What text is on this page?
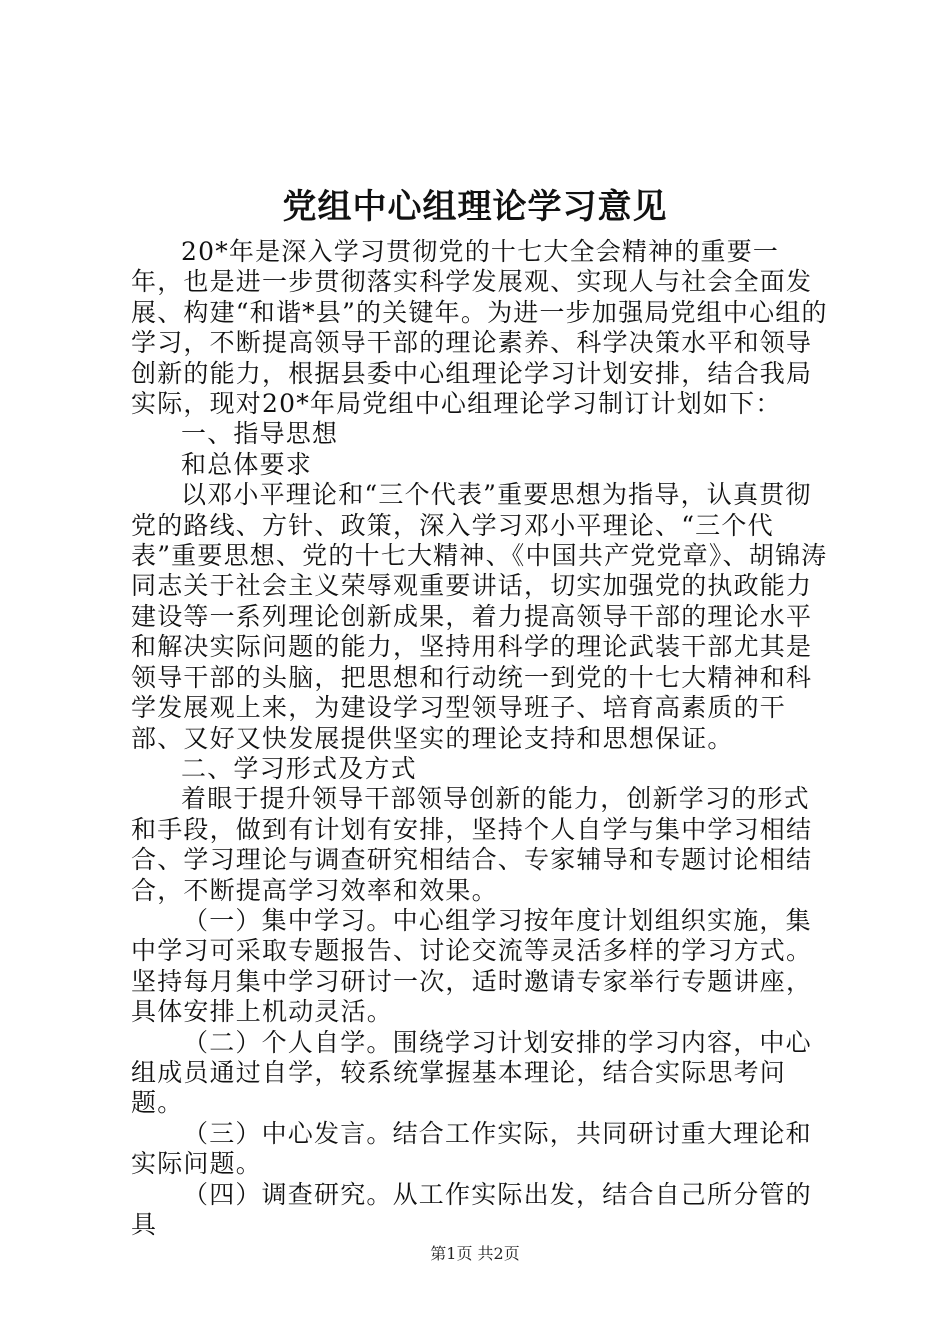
党组中心组理论学习意见

20*年是深入学习贯彻党的十七大全会精神的重要一年，也是进一步贯彻落实科学发展观、实现人与社会全面发展、构建“和谐*县”的关键年。为进一步加强局党组中心组的学习，不断提高领导干部的理论素养、科学决策水平和领导创新的能力，根据县委中心组理论学习计划安排，结合我局实际，现对20*年局党组中心组理论学习制订计划如下：

一、指导思想

和总体要求

以邓小平理论和“三个代表”重要思想为指导，认真贯彻党的路线、方针、政策，深入学习邓小平理论、“三个代表”重要思想、党的十七大精神、《中国共产党党章》、胡锦涛同志关于社会主义荣辱观重要讲话，切实加强党的执政能力建设等一系列理论创新成果，着力提高领导干部的理论水平和解决实际问题的能力，坚持用科学的理论武装干部尤其是领导干部的头脑，把思想和行动统一到党的十七大精神和科学发展观上来，为建设学习型领导班子、培育高素质的干部、又好又快发展提供坚实的理论支持和思想保证。

二、学习形式及方式

着眼于提升领导干部领导创新的能力，创新学习的形式和手段，做到有计划有安排，坚持个人自学与集中学习相结合、学习理论与调查研究相结合、专家辅导和专题讨论相结合，不断提高学习效率和效果。

（一）集中学习。中心组学习按年度计划组织实施，集中学习可采取专题报告、讨论交流等灵活多样的学习方式。坚持每月集中学习研讨一次，适时邀请专家举行专题讲座，具体安排上机动灵活。

（二）个人自学。围绕学习计划安排的学习内容，中心组成员通过自学，较系统掌握基本理论，结合实际思考问题。

（三）中心发言。结合工作实际，共同研讨重大理论和实际问题。

（四）调查研究。从工作实际出发，结合自己所分管的具

第1页 共2页
